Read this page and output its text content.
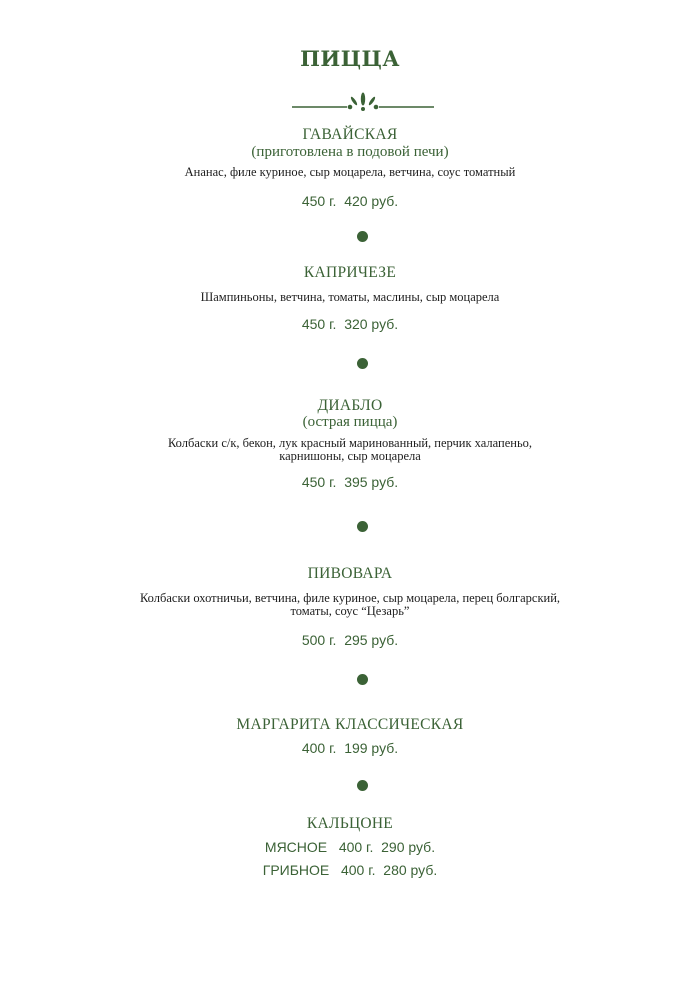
ПИЦЦА
ГАВАЙСКАЯ
(приготовлена в подовой печи)
Ананас, филе куриное, сыр моцарела, ветчина, соус томатный
450 г. 420 руб.
КАПРИЧЕЗЕ
Шампиньоны, ветчина, томаты, маслины, сыр моцарела
450 г. 320 руб.
ДИАБЛО
(острая пицца)
Колбаски с/к, бекон, лук красный маринованный, перчик халапеньо,
карнишоны, сыр моцарела
450 г. 395 руб.
ПИВОВАРА
Колбаски охотничьи, ветчина, филе куриное, сыр моцарела, перец болгарский,
томаты, соус “Цезарь”
500 г. 295 руб.
МАРГАРИТА КЛАССИЧЕСКАЯ
400 г. 199 руб.
КАЛЬЦОНЕ
МЯСНОЕ 400 г. 290 руб.
ГРИБНОЕ 400 г. 280 руб.
